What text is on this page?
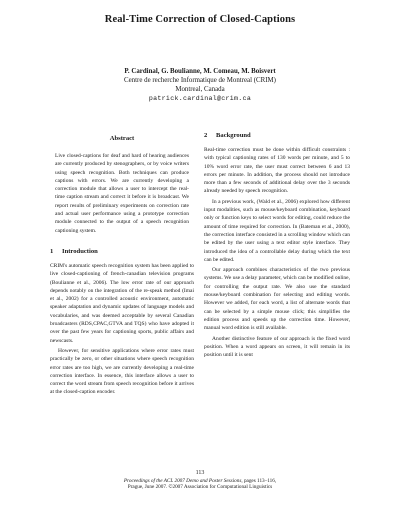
Real-Time Correction of Closed-Captions
P. Cardinal, G. Boulianne, M. Comeau, M. Boisvert
Centre de recherche Informatique de Montreal (CRIM)
Montreal, Canada
patrick.cardinal@crim.ca
Abstract

Live closed-captions for deaf and hard of hearing audiences are currently produced by stenographers, or by voice writers using speech recognition. Both techniques can produce captions with errors. We are currently developing a correction module that allows a user to intercept the real-time caption stream and correct it before it is broadcast. We report results of preliminary experiments on correction rate and actual user performance using a prototype correction module connected to the output of a speech recognition captioning system.

1 Introduction

CRIM's automatic speech recognition system has been applied to live closed-captioning of french-canadian television programs (Boulianne et al., 2006). The low error rate of our approach depends notably on the integration of the re-speak method (Imai et al., 2002) for a controlled acoustic environment, automatic speaker adaptation and dynamic updates of language models and vocabularies, and was deemed acceptable by several Canadian broadcasters (RDS,CPAC,GTVA and TQS) who have adopted it over the past few years for captioning sports, public affairs and newscasts.

However, for sensitive applications where error rates must practically be zero, or other situations where speech recognition error rates are too high, we are currently developing a real-time correction interface. In essence, this interface allows a user to correct the word stream from speech recognition before it arrives at the closed-caption encoder.

2 Background

Real-time correction must be done within difficult constraints : with typical captioning rates of 130 words per minute, and 5 to 10% word error rate, the user must correct between 6 and 13 errors per minute. In addition, the process should not introduce more than a few seconds of additional delay over the 3 seconds already needed by speech recognition.

In a previous work, (Wald et al., 2006) explored how different input modalities, such as mouse/keyboard combination, keyboard only or function keys to select words for editing, could reduce the amount of time required for correction. In (Bateman et al., 2000), the correction interface consisted in a scrolling window which can be edited by the user using a text editor style interface. They introduced the idea of a controllable delay during which the text can be edited.

Our approach combines characteristics of the two previous systems. We use a delay parameter, which can be modified online, for controlling the output rate. We also use the standard mouse/keyboard combination for selecting and editing words. However we added, for each word, a list of alternate words that can be selected by a simple mouse click; this simplifies the edition process and speeds up the correction time. However, manual word edition is still available.

Another distinctive feature of our approach is the fixed word position. When a word appears on screen, it will remain in its position until it is sent

113
Proceedings of the ACL 2007 Demo and Poster Sessions, pages 113–116,
Prague, June 2007. ©2007 Association for Computational Linguistics
